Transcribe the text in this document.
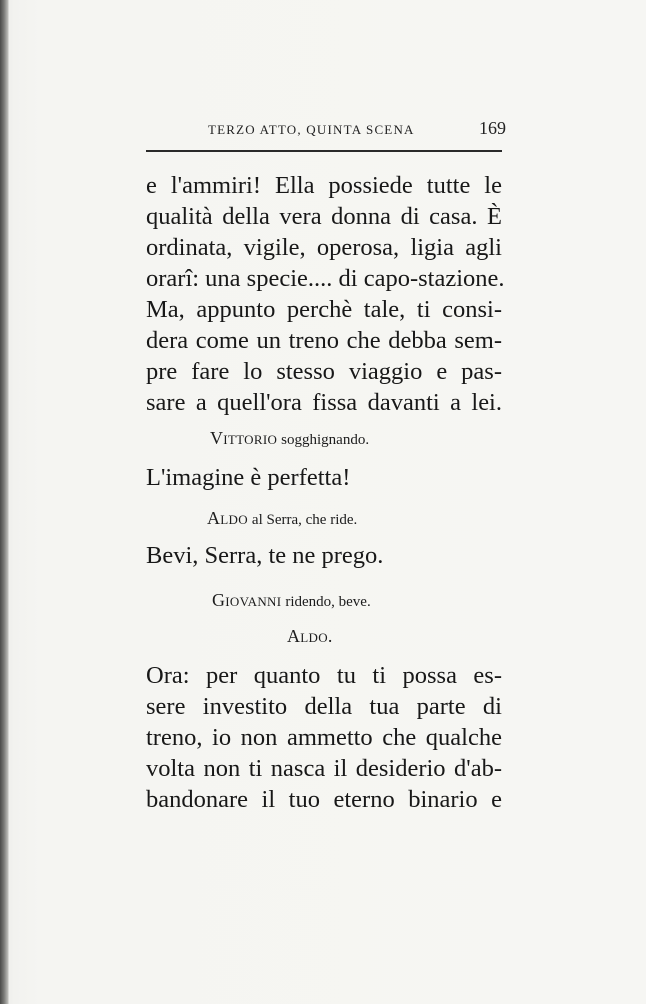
TERZO ATTO, QUINTA SCENA	169
e l'ammiri! Ella possiede tutte le
qualità della vera donna di casa. È
ordinata, vigile, operosa, ligia agli
orarî: una specie.... di capo-stazione.
Ma, appunto perchè tale, ti consi-
dera come un treno che debba sem-
pre fare lo stesso viaggio e pas-
sare a quell'ora fissa davanti a lei.
Vittorio sogghignando.
L'imagine è perfetta!
Aldo al Serra, che ride.
Bevi, Serra, te ne prego.
Giovanni ridendo, beve.
Aldo.
Ora: per quanto tu ti possa es-
sere investito della tua parte di
treno, io non ammetto che qualche
volta non ti nasca il desiderio d'ab-
bandonare il tuo eterno binario e
